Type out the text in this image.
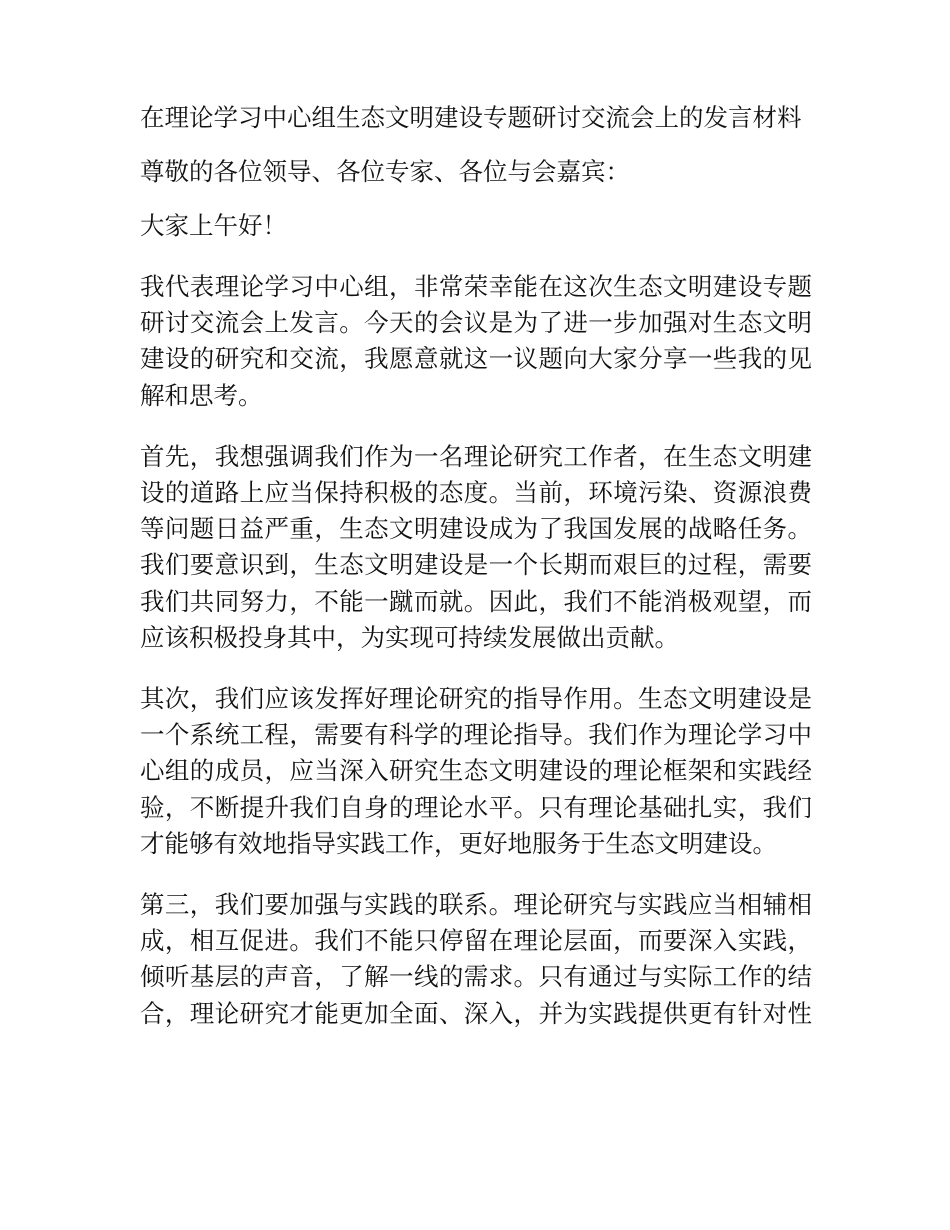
在理论学习中心组生态文明建设专题研讨交流会上的发言材料

尊敬的各位领导、各位专家、各位与会嘉宾：

大家上午好！

我代表理论学习中心组，非常荣幸能在这次生态文明建设专题
研讨交流会上发言。今天的会议是为了进一步加强对生态文明
建设的研究和交流，我愿意就这一议题向大家分享一些我的见
解和思考。

首先，我想强调我们作为一名理论研究工作者，在生态文明建
设的道路上应当保持积极的态度。当前，环境污染、资源浪费
等问题日益严重，生态文明建设成为了我国发展的战略任务。
我们要意识到，生态文明建设是一个长期而艰巨的过程，需要
我们共同努力，不能一蹴而就。因此，我们不能消极观望，而
应该积极投身其中，为实现可持续发展做出贡献。

其次，我们应该发挥好理论研究的指导作用。生态文明建设是
一个系统工程，需要有科学的理论指导。我们作为理论学习中
心组的成员，应当深入研究生态文明建设的理论框架和实践经
验，不断提升我们自身的理论水平。只有理论基础扎实，我们
才能够有效地指导实践工作，更好地服务于生态文明建设。

第三，我们要加强与实践的联系。理论研究与实践应当相辅相
成，相互促进。我们不能只停留在理论层面，而要深入实践，
倾听基层的声音，了解一线的需求。只有通过与实际工作的结
合，理论研究才能更加全面、深入，并为实践提供更有针对性
